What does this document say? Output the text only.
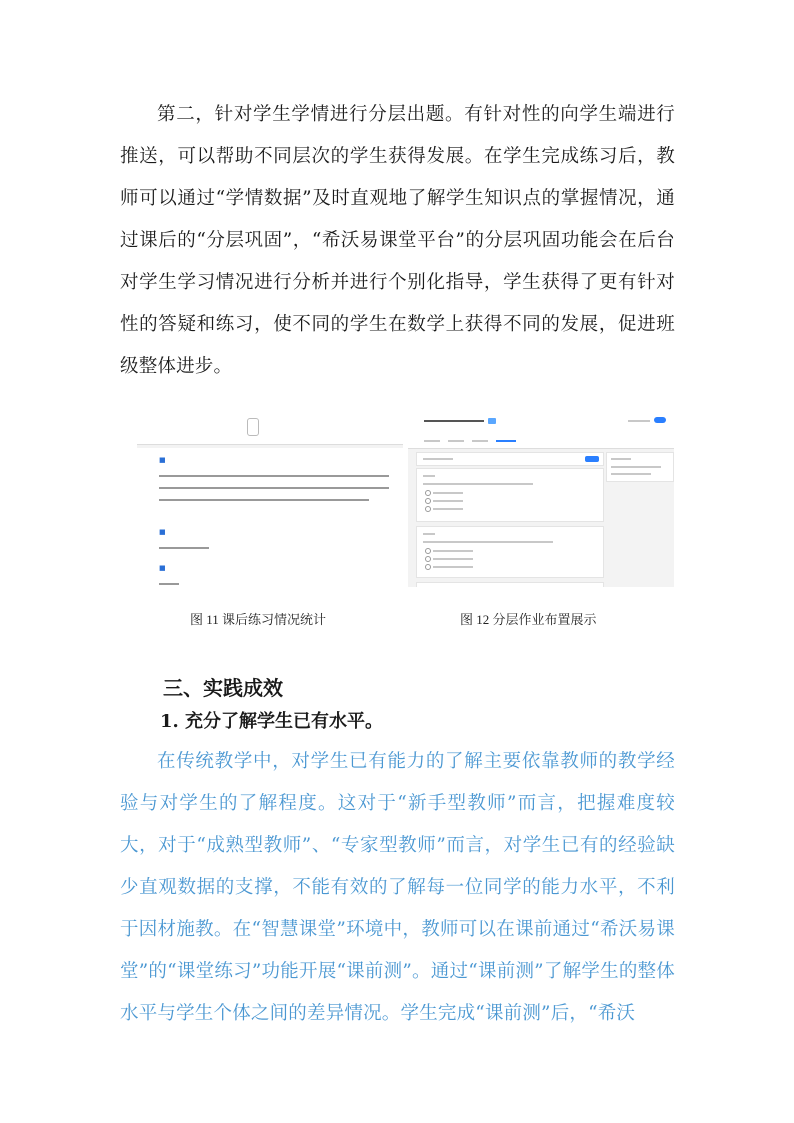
第二，针对学生学情进行分层出题。有针对性的向学生端进行推送，可以帮助不同层次的学生获得发展。在学生完成练习后，教师可以通过“学情数据”及时直观地了解学生知识点的掌握情况，通过课后的“分层巩固”，“希沃易课堂平台”的分层巩固功能会在后台对学生学习情况进行分析并进行个别化指导，学生获得了更有针对性的答疑和练习，使不同的学生在数学上获得不同的发展，促进班级整体进步。

■
■
■
图 11 课后练习情况统计	图 12 分层作业布置展示
三、实践成效
1. 充分了解学生已有水平。

在传统教学中，对学生已有能力的了解主要依靠教师的教学经验与对学生的了解程度。这对于“新手型教师”而言，把握难度较大，对于“成熟型教师”、“专家型教师”而言，对学生已有的经验缺少直观数据的支撑，不能有效的了解每一位同学的能力水平，不利于因材施教。在“智慧课堂”环境中，教师可以在课前通过“希沃易课堂”的“课堂练习”功能开展“课前测”。通过“课前测”了解学生的整体水平与学生个体之间的差异情况。学生完成“课前测”后，“希沃
